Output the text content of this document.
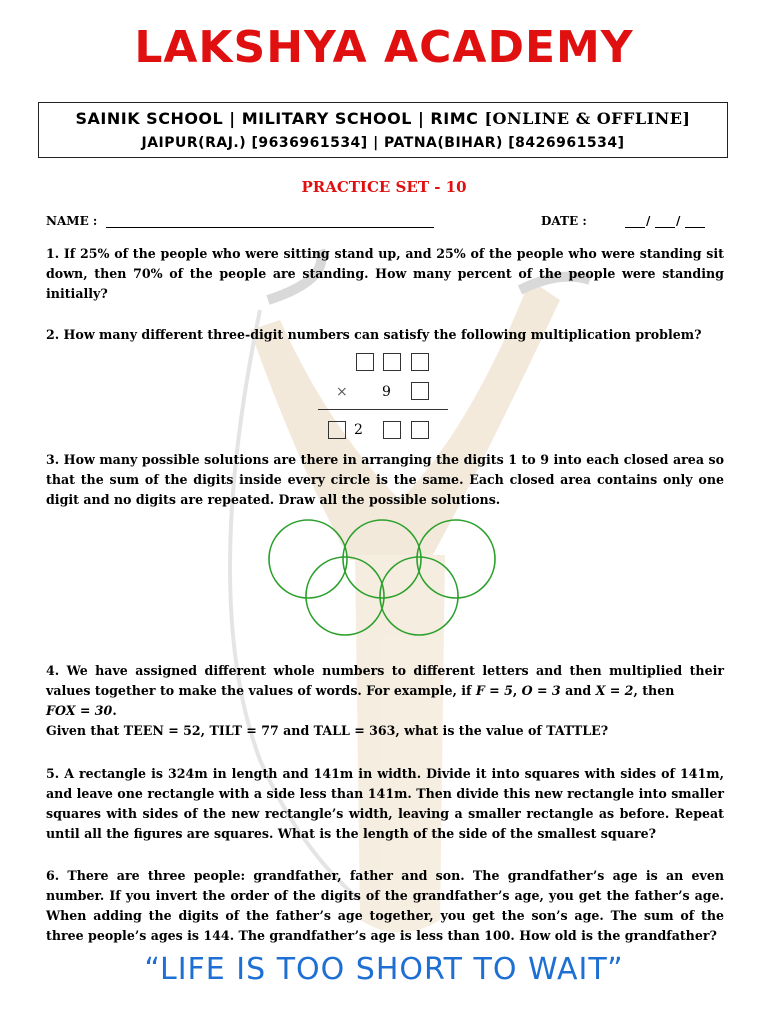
LAKSHYA ACADEMY
SAINIK SCHOOL | MILITARY SCHOOL | RIMC [ONLINE & OFFLINE]
JAIPUR(RAJ.) [9636961534] | PATNA(BIHAR) [8426961534]
PRACTICE SET - 10
NAME :	DATE :	/ /
1. If 25% of the people who were sitting stand up, and 25% of the people who were standing sit down, then 70% of the people are standing. How many percent of the people were standing initially?
2. How many different three-digit numbers can satisfy the following multiplication problem?
× 9
2
3. How many possible solutions are there in arranging the digits 1 to 9 into each closed area so that the sum of the digits inside every circle is the same. Each closed area contains only one digit and no digits are repeated. Draw all the possible solutions.
4. We have assigned different whole numbers to different letters and then multiplied their values together to make the values of words. For example, if F = 5, O = 3 and X = 2, then
FOX = 30.
Given that TEEN = 52, TILT = 77 and TALL = 363, what is the value of TATTLE?
5. A rectangle is 324m in length and 141m in width. Divide it into squares with sides of 141m, and leave one rectangle with a side less than 141m. Then divide this new rectangle into smaller squares with sides of the new rectangle’s width, leaving a smaller rectangle as before. Repeat until all the figures are squares. What is the length of the side of the smallest square?
6. There are three people: grandfather, father and son. The grandfather’s age is an even number. If you invert the order of the digits of the grandfather’s age, you get the father’s age. When adding the digits of the father’s age together, you get the son’s age. The sum of the three people’s ages is 144. The grandfather’s age is less than 100. How old is the grandfather?
“LIFE IS TOO SHORT TO WAIT”
